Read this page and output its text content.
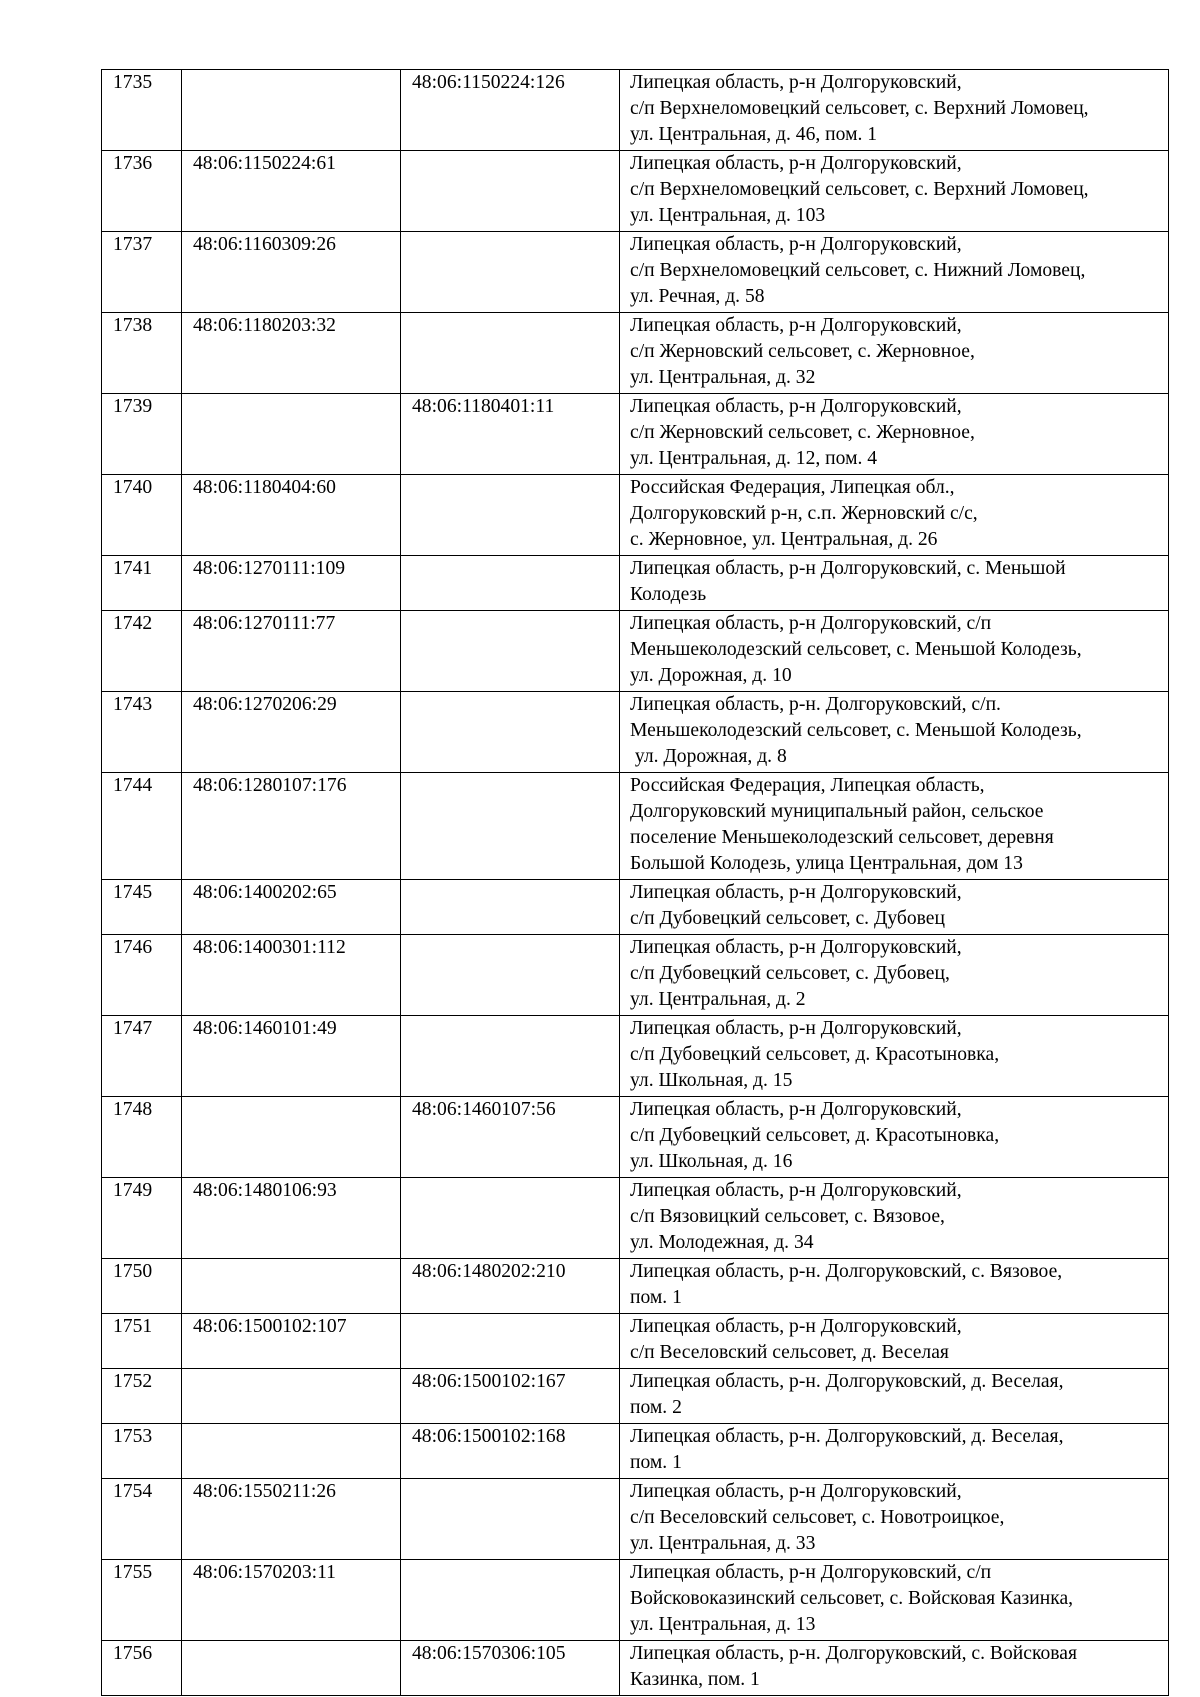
1735		48:06:1150224:126	Липецкая область, р-н Долгоруковский,
с/п Верхнеломовецкий сельсовет, с. Верхний Ломовец,
ул. Центральная, д. 46, пом. 1
1736	48:06:1150224:61		Липецкая область, р-н Долгоруковский,
с/п Верхнеломовецкий сельсовет, с. Верхний Ломовец,
ул. Центральная, д. 103
1737	48:06:1160309:26		Липецкая область, р-н Долгоруковский,
с/п Верхнеломовецкий сельсовет, с. Нижний Ломовец,
ул. Речная, д. 58
1738	48:06:1180203:32		Липецкая область, р-н Долгоруковский,
с/п Жерновский сельсовет, с. Жерновное,
ул. Центральная, д. 32
1739		48:06:1180401:11	Липецкая область, р-н Долгоруковский,
с/п Жерновский сельсовет, с. Жерновное,
ул. Центральная, д. 12, пом. 4
1740	48:06:1180404:60		Российская Федерация, Липецкая обл.,
Долгоруковский р-н, с.п. Жерновский с/с,
с. Жерновное, ул. Центральная, д. 26
1741	48:06:1270111:109		Липецкая область, р-н Долгоруковский, с. Меньшой
Колодезь
1742	48:06:1270111:77		Липецкая область, р-н Долгоруковский, с/п
Меньшеколодезский сельсовет, с. Меньшой Колодезь,
ул. Дорожная, д. 10
1743	48:06:1270206:29		Липецкая область, р-н. Долгоруковский, с/п.
Меньшеколодезский сельсовет, с. Меньшой Колодезь,
ул. Дорожная, д. 8
1744	48:06:1280107:176		Российская Федерация, Липецкая область,
Долгоруковский муниципальный район, сельское
поселение Меньшеколодезский сельсовет, деревня
Большой Колодезь, улица Центральная, дом 13
1745	48:06:1400202:65		Липецкая область, р-н Долгоруковский,
с/п Дубовецкий сельсовет, с. Дубовец
1746	48:06:1400301:112		Липецкая область, р-н Долгоруковский,
с/п Дубовецкий сельсовет, с. Дубовец,
ул. Центральная, д. 2
1747	48:06:1460101:49		Липецкая область, р-н Долгоруковский,
с/п Дубовецкий сельсовет, д. Красотыновка,
ул. Школьная, д. 15
1748		48:06:1460107:56	Липецкая область, р-н Долгоруковский,
с/п Дубовецкий сельсовет, д. Красотыновка,
ул. Школьная, д. 16
1749	48:06:1480106:93		Липецкая область, р-н Долгоруковский,
с/п Вязовицкий сельсовет, с. Вязовое,
ул. Молодежная, д. 34
1750		48:06:1480202:210	Липецкая область, р-н. Долгоруковский, с. Вязовое,
пом. 1
1751	48:06:1500102:107		Липецкая область, р-н Долгоруковский,
с/п Веселовский сельсовет, д. Веселая
1752		48:06:1500102:167	Липецкая область, р-н. Долгоруковский, д. Веселая,
пом. 2
1753		48:06:1500102:168	Липецкая область, р-н. Долгоруковский, д. Веселая,
пом. 1
1754	48:06:1550211:26		Липецкая область, р-н Долгоруковский,
с/п Веселовский сельсовет, с. Новотроицкое,
ул. Центральная, д. 33
1755	48:06:1570203:11		Липецкая область, р-н Долгоруковский, с/п
Войсковоказинский сельсовет, с. Войсковая Казинка,
ул. Центральная, д. 13
1756		48:06:1570306:105	Липецкая область, р-н. Долгоруковский, с. Войсковая
Казинка, пом. 1
